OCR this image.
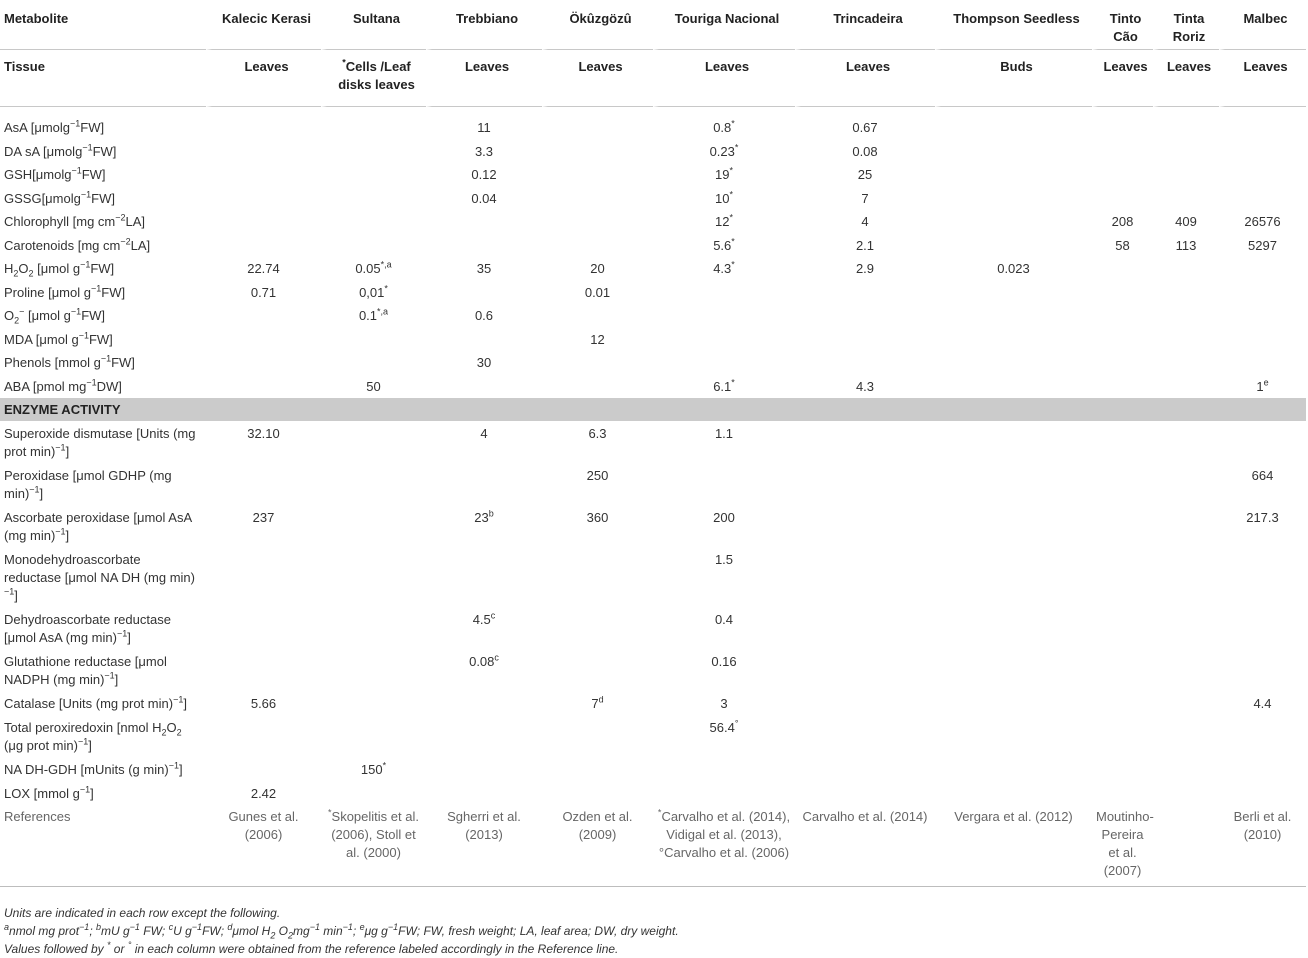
Metabolite	Kalecic Kerasi	Sultana	Trebbiano	Ökûzgözû	Touriga Nacional	Trincadeira	Thompson Seedless	Tinto Cão	Tinta Roriz	Malbec
Tissue	Leaves	*Cells /Leaf disks leaves	Leaves	Leaves	Leaves	Leaves	Buds	Leaves	Leaves	Leaves

AsA [μmolg$^{-1}$FW]			11		0.8*	0.67				
DA sA [μmolg$^{-1}$FW]			3.3		0.23*	0.08				
GSH[μmolg$^{-1}$FW]			0.12		19*	25				
GSSG[μmolg$^{-1}$FW]			0.04		10*	7				
Chlorophyll [mg $cm^{-2}LA$]					12*	4		208	409	26576
Carotenoids [mg $cm^{-2}LA$]					5.6*	2.1		58	113	5297
$H_2O_2$ [μmol $g^{-1}FW$]	22.74	$0.05^{*,a}$	35	20	4.3*	2.9	0.023			
Proline [μmol $g^{-1}FW$]	0.71	0,01*		0.01						
$O_2^-$ [μmol $g^{-1}FW$]		$0.1^{*,a}$	0.6							
MDA [μmol $g^{-1}FW$]				12						
Phenols [mmol $g^{-1}FW$]			30							
ABA [pmol $mg^{-1}DW$]		50			6.1*	4.3				1e
ENZYME ACTIVITY										
Superoxide dismutase [Units (mg prot min)$^{-1}$]	32.10		4	6.3	1.1					
Peroxidase [μmol GDHP (mg min)$^{-1}$]				250						664
Ascorbate peroxidase [μmol AsA (mg min)$^{-1}$]	237		23$^b$	360	200					217.3
Monodehydroascorbate reductase [μmol NA DH (mg min)$^{-1}$]					1.5					
Dehydroascorbate reductase [μmol AsA (mg min)$^{-1}$]			4.5$^c$		0.4					
Glutathione reductase [μmol NADPH (mg min)$^{-1}$]			0.08$^c$		0.16					
Catalase [Units (mg prot min)$^{-1}$]	5.66			7$^d$	3					4.4
Total peroxiredoxin [nmol $H_2O_2$ (μg prot min)$^{-1}$]					56.4°					
NA DH-GDH [mUnits (g min)$^{-1}$]		150*								
LOX [mmol $g^{-1}$]	2.42									
References	Gunes et al. (2006)	*Skopelitis et al. (2006), Stoll et al. (2000)	Sgherri et al. (2013)	Ozden et al. (2009)	*Carvalho et al. (2014), Vidigal et al. (2013), °Carvalho et al. (2006)	Carvalho et al. (2014)	Vergara et al. (2012)	Moutinho-Pereira et al. (2007)		Berli et al. (2010)

Units are indicated in each row except the following.

$^a$nmol mg prot$^{-1}$; $^b$mU $g^{-1}$ FW; $^c$U $g^{-1}FW$; $^d$μmol $H_2$ $O_2mg^{-1}$ $\min^{-1}$; $^e$μg $g^{-1}FW$; FW, fresh weight; LA, leaf area; DW, dry weight.

Values followed by * or ° in each column were obtained from the reference labeled accordingly in the Reference line.
